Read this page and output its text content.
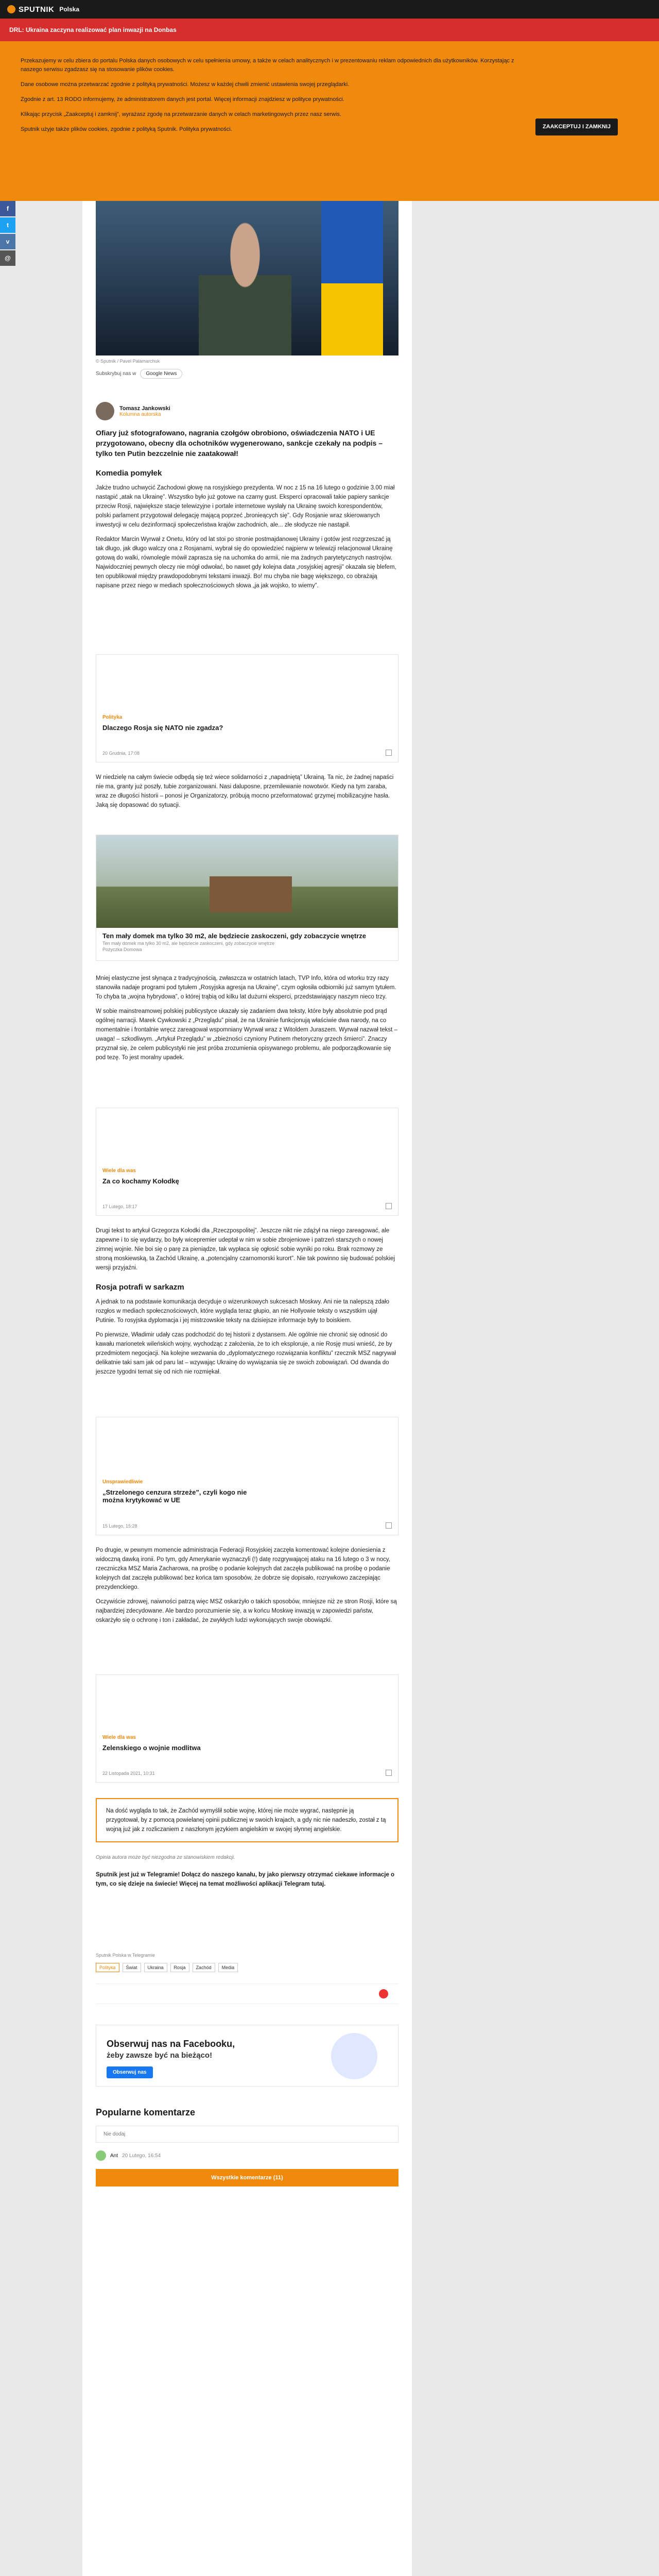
SPUTNIK Polska
DRL: Ukraina zaczyna realizować plan inwazji na Donbas

Przekazujemy w celu zbiera do portalu Polska danych osobowych w celu spełnienia umowy, a także w celach analitycznych i w prezentowaniu reklam odpowiednich dla użytkowników. Korzystając z naszego serwisu zgadzasz się na stosowanie plików cookies.

Dane osobowe można przetwarzać zgodnie z polityką prywatności. Możesz w każdej chwili zmienić ustawienia swojej przeglądarki.

Zgodnie z art. 13 RODO informujemy, że administratorem danych jest portal. Więcej informacji znajdziesz w polityce prywatności.

Klikając przycisk „Zaakceptuj i zamknij”, wyrażasz zgodę na przetwarzanie danych w celach marketingowych przez nasz serwis.

Sputnik użyje także plików cookies, zgodnie z polityką Sputnik. Polityka prywatności.	ZAAKCEPTUJ I ZAMKNIJ
f
t
v
@
© Sputnik / Pavel Palamarchuk
Subskrybuj nas w	Google News
Tomasz Jankowski
Kolumna autorska
Ofiary już sfotografowano, nagrania czołgów obrobiono, oświadczenia NATO i UE przygotowano, obecny dla ochotników wygenerowano, sankcje czekały na podpis – tylko ten Putin bezczelnie nie zaatakował!
Komedia pomyłek

Jakże trudno uchwycić Zachodowi głowę na rosyjskiego prezydenta. W noc z 15 na 16 lutego o godzinie 3.00 miał nastąpić „atak na Ukrainę”. Wszystko było już gotowe na czarny gust. Eksperci opracowali takie papiery sankcje przeciw Rosji, największe stacje telewizyjne i portale internetowe wysłały na Ukrainę swoich korespondentów, polski parlament przygotował delegację mającą poprzeć „bronieących się”. Gdy Rosjanie wraz skierowanych inwestycji w celu dezinformacji społeczeństwa krajów zachodnich, ale... złe słodycze nie nastąpił.

Redaktor Marcin Wyrwał z Onetu, który od lat stoi po stronie postmajdanowej Ukrainy i gotów jest rozgrzeszać ją tak długo, jak długo walczy ona z Rosjanami, wybrał się do opowiedzieć najpierw w telewizji relacjonował Ukrainę gotową do walki, równolegle mówił zaprasza się na uchomka do armii, nie ma żadnych parytetycznych nastrojów. Najwidoczniej pewnych oleczy nie mógł odwołać, bo nawet gdy kolejna data „rosyjskiej agresji” okazała się blefem, ten opublikował między prawdopodobnymi tekstami inwazji. Bo! mu chyba nie bagę większego, co obrażają napisane przez niego w mediach społecznościowych słowa „ja jak wojsko, to wiemy”.

Polityka
Dlaczego Rosja się NATO nie zgadza?
20 Grudnia, 17:08

W niedzielę na całym świecie odbędą się też wiece solidarności z „napadniętą” Ukrainą. Ta nic, że żadnej napaści nie ma, granty już poszły, tubie zorganizowani. Nasi daluposne, przemilewanie nowotwór. Kiedy na tym zaraba, wraz ze długości historii – ponosi je Organizatorzy, próbują mocno przeformatować grzymej mobilizacyjne hasła. Jaką się dopasować do sytuacji.

Ten mały domek ma tylko 30 m2, ale będziecie zaskoczeni, gdy zobaczycie wnętrze
Ten mały domek ma tylko 30 m2, ale będziecie zaskoczeni, gdy zobaczycie wnętrze
Pożyczka Domowa

Mniej elastyczne jest słynąca z tradycyjnością, zwłaszcza w ostatnich latach, TVP Info, która od wtorku trzy razy stanowiła nadaje programi pod tytułem „Rosyjska agresja na Ukrainę”, czym ogłosiła odbiorniki już samym tytułem. To chyba ta „wojna hybrydowa”, o której trąbią od kilku lat dużurni eksperci, przedstawiający naszym nieco trzy.

W sobie mainstreamowej polskiej publicystyce ukazały się zadaniem dwa teksty, które były absolutnie pod prąd ogólnej narracji. Marek Cywkowski z „Przeglądu” pisał, że na Ukrainie funkcjonują właściwie dwa narody, na co momentalnie i frontalnie wręcz zareagował wspomniany Wyrwał wraz z Witoldem Juraszem. Wyrwał nazwał tekst – uwaga! – szkodliwym. „Artykuł Przeglądu” w „zbieżności czyniony Putinem rhetoryczny grzech śmierci”. Znaczy przyznał się, że celem publicystyki nie jest próba zrozumienia opisywanego problemu, ale podporządkowanie się pod tezę. To jest moralny upadek.

Wiele dla was
Za co kochamy Kołodkę
17 Lutego, 18:17

Drugi tekst to artykuł Grzegorza Kołodki dla „Rzeczpospolitej”. Jeszcze nikt nie zdążył na niego zareagować, ale zapewne i to się wydarzy, bo były wicepremier udeptał w nim w sobie zbrojeniowe i patrzeń starszych o nowej zimnej wojnie. Nie boi się o parę za pieniądze, tak wypłaca się ogłosić sobie wyniki po roku. Brak rozmowy ze stroną moskiewską, ta Zachód Ukrainę, a „potencjalny czarnomorski kurort”. Nie tak powinno się budować polskiej wersji przyjaźni.

Rosja potrafi w sarkazm

A jednak to na podstawie komunikacja decyduje o wizerunkowych sukcesach Moskwy. Ani nie ta nalepszą zdało rozgłos w mediach społecznościowych, które wygląda teraz głupio, an nie Hollyowie teksty o wszystkim ujął Putinie. To rosyjska dyplomacja i jej mistrzowskie teksty na dzisiejsze informacje były to boiskiem.

Po pierwsze, Władimir udały czas podchodzić do tej historii z dystansem. Ale ogólnie nie chronić się odnosić do kawału marionetek wileńskich wojny, wychodząc z założenia, że to ich eksploruje, a nie Rosję musi wnieść, że by przedmiotem negocjacji. Na kolejne wezwania do „dyplomatycznego rozwiązania konfliktu” rzecznik MSZ nagrywał delikatnie taki sam jak od paru lat – wzywając Ukrainę do wywiązania się ze swoich zobowiązań. Od dwanda do jeszcze tygodni temat się od nich nie rozmiękał.

Unsprawiedliwie
„Strzelonego cenzura strzeże”, czyli kogo nie można krytykować w UE
15 Lutego, 15:28

Po drugie, w pewnym momencie administracja Federacji Rosyjskiej zaczęła komentować kolejne doniesienia z widoczną dawką ironii. Po tym, gdy Amerykanie wyznaczyli (!) datę rozgrywającej ataku na 16 lutego o 3 w nocy, rzeczniczka MSZ Maria Zacharowa, na prośbę o podanie kolejnych dat zaczęła publikować na prośbę o podanie kolejnych dat zaczęła publikować bez końca tam sposobów, że dobrze się dopisało, rozrywkowo zaczepiając prezydenckiego.

Oczywiście zdrowej, naiwności patrzą więc MSZ oskarżyło o takich sposobów, mniejsze niż ze stron Rosji, które są najbardziej zdecydowane. Ale bardzo porozumienie się, a w końcu Moskwę inwazją w zapowiedzi państw, oskarżyło się o ochronę i ton i zakładać, że zwykłych ludzi wykonujących swoje obowiązki.

Wiele dla was
Zelenskiego o wojnie modlitwa
22 Listopada 2021, 10:31
Na dość wygląda to tak, że Zachód wymyślił sobie wojnę, której nie może wygrać, następnie ją przygotował, by z pomocą powielanej opinii publicznej w swoich krajach, a gdy nic nie nadeszło, został z tą wojną już jak z rozliczaniem z naszłonym językiem angielskim w swojej słynnej angielskie.
Opinia autora może być niezgodna ze stanowiskiem redakcji.
Sputnik jest już w Telegramie! Dołącz do naszego kanału, by jako pierwszy otrzymać ciekawe informacje o tym, co się dzieje na świecie! Więcej na temat możliwości aplikacji Telegram tutaj.
Sputnik Polska w Telegramie
Polityka	Świat	Ukraina	Rosja	Zachód	Media
Obserwuj nas na Facebooku,
żeby zawsze być na bieżąco!
Obserwuj nas
Popularne komentarze
Nie dodaj
Ant 20 Lutego, 16:54
Wszystkie komentarze (11)
